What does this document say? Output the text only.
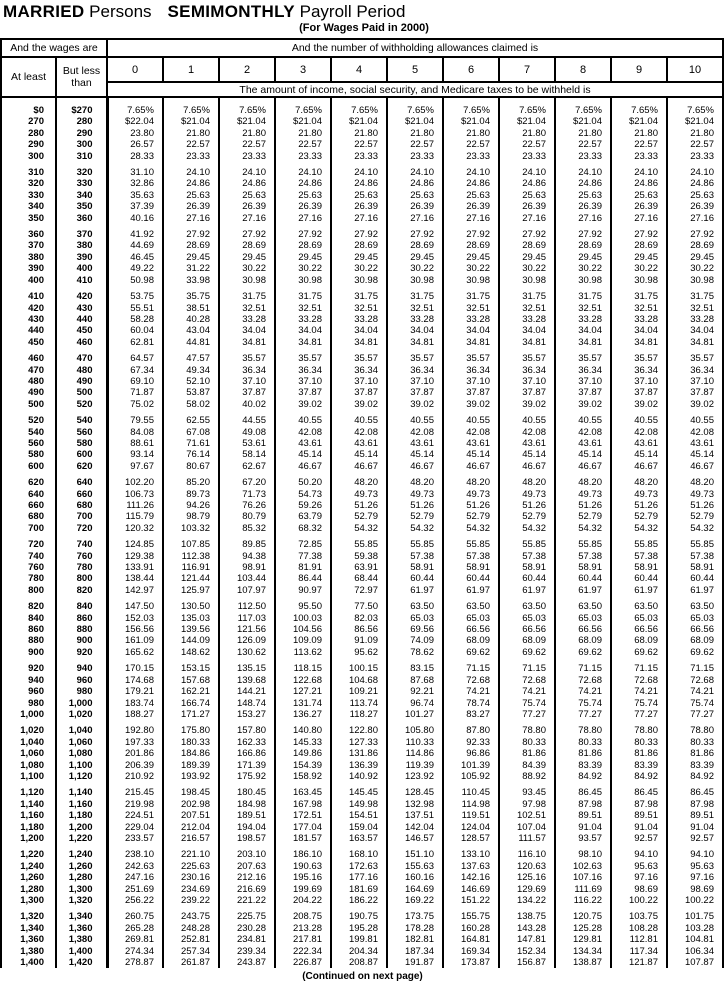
MARRIED Persons SEMIMONTHLY Payroll Period
(For Wages Paid in 2000)
And the wages are		And the number of withholding allowances claimed is										
At least	But less than	0	1	2	3	4	5	6	7	8	9	10
		The amount of income, social security, and Medicare taxes to be withheld is										

$0	$270	7.65%	7.65%	7.65%	7.65%	7.65%	7.65%	7.65%	7.65%	7.65%	7.65%	7.65%
270	280	$22.04	$21.04	$21.04	$21.04	$21.04	$21.04	$21.04	$21.04	$21.04	$21.04	$21.04
280	290	23.80	21.80	21.80	21.80	21.80	21.80	21.80	21.80	21.80	21.80	21.80
290	300	26.57	22.57	22.57	22.57	22.57	22.57	22.57	22.57	22.57	22.57	22.57
300	310	28.33	23.33	23.33	23.33	23.33	23.33	23.33	23.33	23.33	23.33	23.33

310	320	31.10	24.10	24.10	24.10	24.10	24.10	24.10	24.10	24.10	24.10	24.10
320	330	32.86	24.86	24.86	24.86	24.86	24.86	24.86	24.86	24.86	24.86	24.86
330	340	35.63	25.63	25.63	25.63	25.63	25.63	25.63	25.63	25.63	25.63	25.63
340	350	37.39	26.39	26.39	26.39	26.39	26.39	26.39	26.39	26.39	26.39	26.39
350	360	40.16	27.16	27.16	27.16	27.16	27.16	27.16	27.16	27.16	27.16	27.16

360	370	41.92	27.92	27.92	27.92	27.92	27.92	27.92	27.92	27.92	27.92	27.92
370	380	44.69	28.69	28.69	28.69	28.69	28.69	28.69	28.69	28.69	28.69	28.69
380	390	46.45	29.45	29.45	29.45	29.45	29.45	29.45	29.45	29.45	29.45	29.45
390	400	49.22	31.22	30.22	30.22	30.22	30.22	30.22	30.22	30.22	30.22	30.22
400	410	50.98	33.98	30.98	30.98	30.98	30.98	30.98	30.98	30.98	30.98	30.98

410	420	53.75	35.75	31.75	31.75	31.75	31.75	31.75	31.75	31.75	31.75	31.75
420	430	55.51	38.51	32.51	32.51	32.51	32.51	32.51	32.51	32.51	32.51	32.51
430	440	58.28	40.28	33.28	33.28	33.28	33.28	33.28	33.28	33.28	33.28	33.28
440	450	60.04	43.04	34.04	34.04	34.04	34.04	34.04	34.04	34.04	34.04	34.04
450	460	62.81	44.81	34.81	34.81	34.81	34.81	34.81	34.81	34.81	34.81	34.81

460	470	64.57	47.57	35.57	35.57	35.57	35.57	35.57	35.57	35.57	35.57	35.57
470	480	67.34	49.34	36.34	36.34	36.34	36.34	36.34	36.34	36.34	36.34	36.34
480	490	69.10	52.10	37.10	37.10	37.10	37.10	37.10	37.10	37.10	37.10	37.10
490	500	71.87	53.87	37.87	37.87	37.87	37.87	37.87	37.87	37.87	37.87	37.87
500	520	75.02	58.02	40.02	39.02	39.02	39.02	39.02	39.02	39.02	39.02	39.02

520	540	79.55	62.55	44.55	40.55	40.55	40.55	40.55	40.55	40.55	40.55	40.55
540	560	84.08	67.08	49.08	42.08	42.08	42.08	42.08	42.08	42.08	42.08	42.08
560	580	88.61	71.61	53.61	43.61	43.61	43.61	43.61	43.61	43.61	43.61	43.61
580	600	93.14	76.14	58.14	45.14	45.14	45.14	45.14	45.14	45.14	45.14	45.14
600	620	97.67	80.67	62.67	46.67	46.67	46.67	46.67	46.67	46.67	46.67	46.67

620	640	102.20	85.20	67.20	50.20	48.20	48.20	48.20	48.20	48.20	48.20	48.20
640	660	106.73	89.73	71.73	54.73	49.73	49.73	49.73	49.73	49.73	49.73	49.73
660	680	111.26	94.26	76.26	59.26	51.26	51.26	51.26	51.26	51.26	51.26	51.26
680	700	115.79	98.79	80.79	63.79	52.79	52.79	52.79	52.79	52.79	52.79	52.79
700	720	120.32	103.32	85.32	68.32	54.32	54.32	54.32	54.32	54.32	54.32	54.32

720	740	124.85	107.85	89.85	72.85	55.85	55.85	55.85	55.85	55.85	55.85	55.85
740	760	129.38	112.38	94.38	77.38	59.38	57.38	57.38	57.38	57.38	57.38	57.38
760	780	133.91	116.91	98.91	81.91	63.91	58.91	58.91	58.91	58.91	58.91	58.91
780	800	138.44	121.44	103.44	86.44	68.44	60.44	60.44	60.44	60.44	60.44	60.44
800	820	142.97	125.97	107.97	90.97	72.97	61.97	61.97	61.97	61.97	61.97	61.97

820	840	147.50	130.50	112.50	95.50	77.50	63.50	63.50	63.50	63.50	63.50	63.50
840	860	152.03	135.03	117.03	100.03	82.03	65.03	65.03	65.03	65.03	65.03	65.03
860	880	156.56	139.56	121.56	104.56	86.56	69.56	66.56	66.56	66.56	66.56	66.56
880	900	161.09	144.09	126.09	109.09	91.09	74.09	68.09	68.09	68.09	68.09	68.09
900	920	165.62	148.62	130.62	113.62	95.62	78.62	69.62	69.62	69.62	69.62	69.62

920	940	170.15	153.15	135.15	118.15	100.15	83.15	71.15	71.15	71.15	71.15	71.15
940	960	174.68	157.68	139.68	122.68	104.68	87.68	72.68	72.68	72.68	72.68	72.68
960	980	179.21	162.21	144.21	127.21	109.21	92.21	74.21	74.21	74.21	74.21	74.21
980	1,000	183.74	166.74	148.74	131.74	113.74	96.74	78.74	75.74	75.74	75.74	75.74
1,000	1,020	188.27	171.27	153.27	136.27	118.27	101.27	83.27	77.27	77.27	77.27	77.27

1,020	1,040	192.80	175.80	157.80	140.80	122.80	105.80	87.80	78.80	78.80	78.80	78.80
1,040	1,060	197.33	180.33	162.33	145.33	127.33	110.33	92.33	80.33	80.33	80.33	80.33
1,060	1,080	201.86	184.86	166.86	149.86	131.86	114.86	96.86	81.86	81.86	81.86	81.86
1,080	1,100	206.39	189.39	171.39	154.39	136.39	119.39	101.39	84.39	83.39	83.39	83.39
1,100	1,120	210.92	193.92	175.92	158.92	140.92	123.92	105.92	88.92	84.92	84.92	84.92

1,120	1,140	215.45	198.45	180.45	163.45	145.45	128.45	110.45	93.45	86.45	86.45	86.45
1,140	1,160	219.98	202.98	184.98	167.98	149.98	132.98	114.98	97.98	87.98	87.98	87.98
1,160	1,180	224.51	207.51	189.51	172.51	154.51	137.51	119.51	102.51	89.51	89.51	89.51
1,180	1,200	229.04	212.04	194.04	177.04	159.04	142.04	124.04	107.04	91.04	91.04	91.04
1,200	1,220	233.57	216.57	198.57	181.57	163.57	146.57	128.57	111.57	93.57	92.57	92.57

1,220	1,240	238.10	221.10	203.10	186.10	168.10	151.10	133.10	116.10	98.10	94.10	94.10
1,240	1,260	242.63	225.63	207.63	190.63	172.63	155.63	137.63	120.63	102.63	95.63	95.63
1,260	1,280	247.16	230.16	212.16	195.16	177.16	160.16	142.16	125.16	107.16	97.16	97.16
1,280	1,300	251.69	234.69	216.69	199.69	181.69	164.69	146.69	129.69	111.69	98.69	98.69
1,300	1,320	256.22	239.22	221.22	204.22	186.22	169.22	151.22	134.22	116.22	100.22	100.22

1,320	1,340	260.75	243.75	225.75	208.75	190.75	173.75	155.75	138.75	120.75	103.75	101.75
1,340	1,360	265.28	248.28	230.28	213.28	195.28	178.28	160.28	143.28	125.28	108.28	103.28
1,360	1,380	269.81	252.81	234.81	217.81	199.81	182.81	164.81	147.81	129.81	112.81	104.81
1,380	1,400	274.34	257.34	239.34	222.34	204.34	187.34	169.34	152.34	134.34	117.34	106.34
1,400	1,420	278.87	261.87	243.87	226.87	208.87	191.87	173.87	156.87	138.87	121.87	107.87
(Continued on next page)
